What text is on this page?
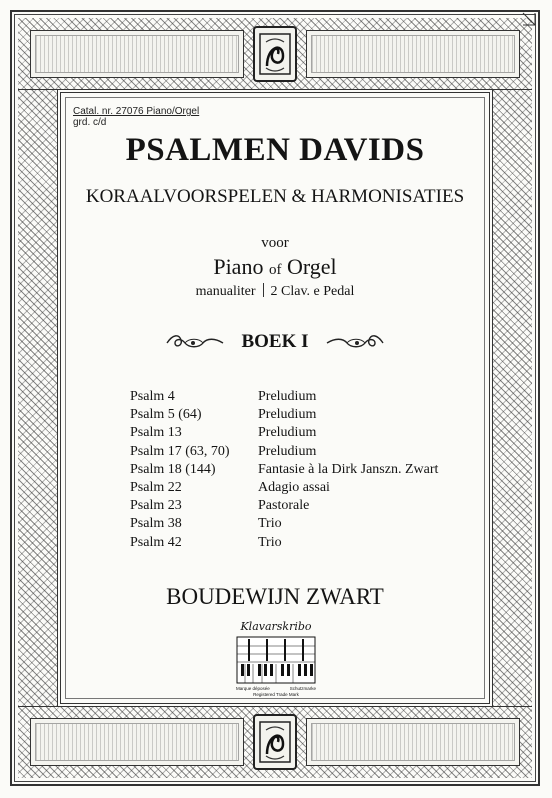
Catal. nr. 27076 Piano/Orgel
grd. c/d
PSALMEN DAVIDS
KORAALVOORSPELEN & HARMONISATIES
voor
Piano of Orgel
manualiter 2 Clav. e Pedal
BOEK I
Psalm 4	Preludium
Psalm 5 (64)	Preludium
Psalm 13	Preludium
Psalm 17 (63, 70)	Preludium
Psalm 18 (144)	Fantasie à la Dirk Janszn. Zwart
Psalm 22	Adagio assai
Psalm 23	Pastorale
Psalm 38	Trio
Psalm 42	Trio
BOUDEWIJN ZWART
Klavarskribo
Marque déposée	Schutzmarke
Registered Trade Mark
